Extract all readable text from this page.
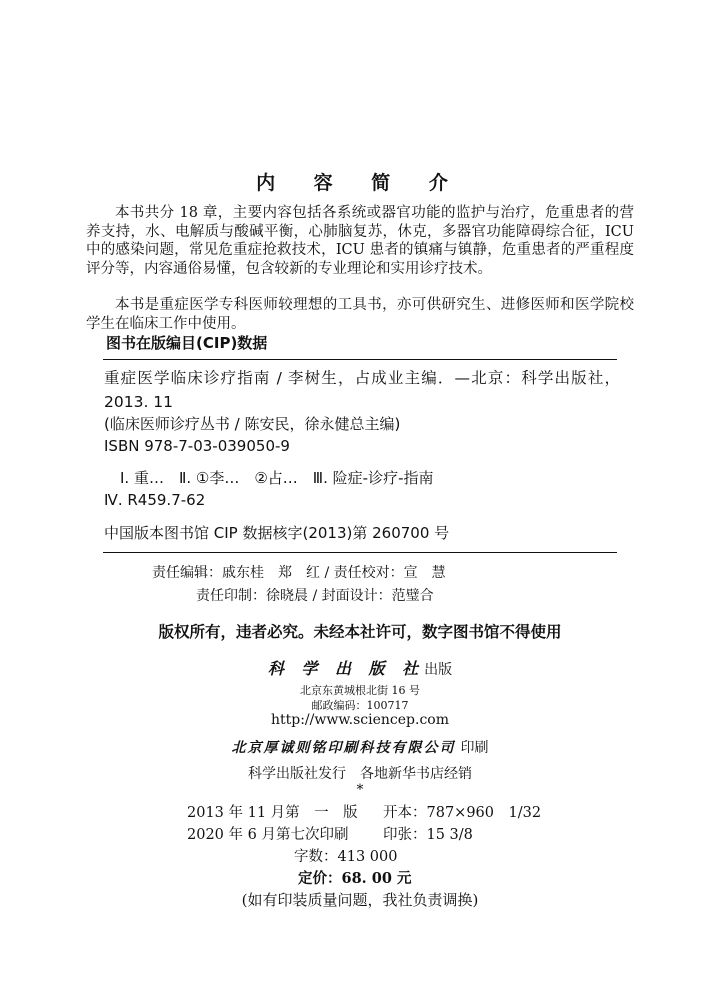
内 容 简 介

本书共分 18 章，主要内容包括各系统或器官功能的监护与治疗，危重患者的营养支持，水、电解质与酸碱平衡，心肺脑复苏，休克，多器官功能障碍综合征，ICU 中的感染问题，常见危重症抢救技术，ICU 患者的镇痛与镇静，危重患者的严重程度评分等，内容通俗易懂，包含较新的专业理论和实用诊疗技术。

本书是重症医学专科医师较理想的工具书，亦可供研究生、进修医师和医学院校学生在临床工作中使用。

图书在版编目(CIP)数据

重症医学临床诊疗指南 / 李树生，占成业主编．—北京：科学出版社，2013. 11

(临床医师诊疗丛书 / 陈安民，徐永健总主编)
ISBN 978-7-03-039050-9
Ⅰ. 重…　Ⅱ. ①李…　②占…　Ⅲ. 险症-诊疗-指南
Ⅳ. R459.7-62
中国版本图书馆 CIP 数据核字(2013)第 260700 号
责任编辑：戚东桂　郑　红 / 责任校对：宣　慧
责任印制：徐晓晨 / 封面设计：范璧合
版权所有，违者必究。未经本社许可，数字图书馆不得使用
科 学 出 版 社出版
北京东黄城根北街 16 号
邮政编码：100717
http://www.sciencep.com
北京厚诚则铭印刷科技有限公司 印刷
科学出版社发行　各地新华书店经销
*
2013 年 11 月第　一　版 开本：787×960　1/32
2020 年 6 月第七次印刷 印张：15 3/8
字数：413 000
定价：68. 00 元
(如有印装质量问题，我社负责调换)
